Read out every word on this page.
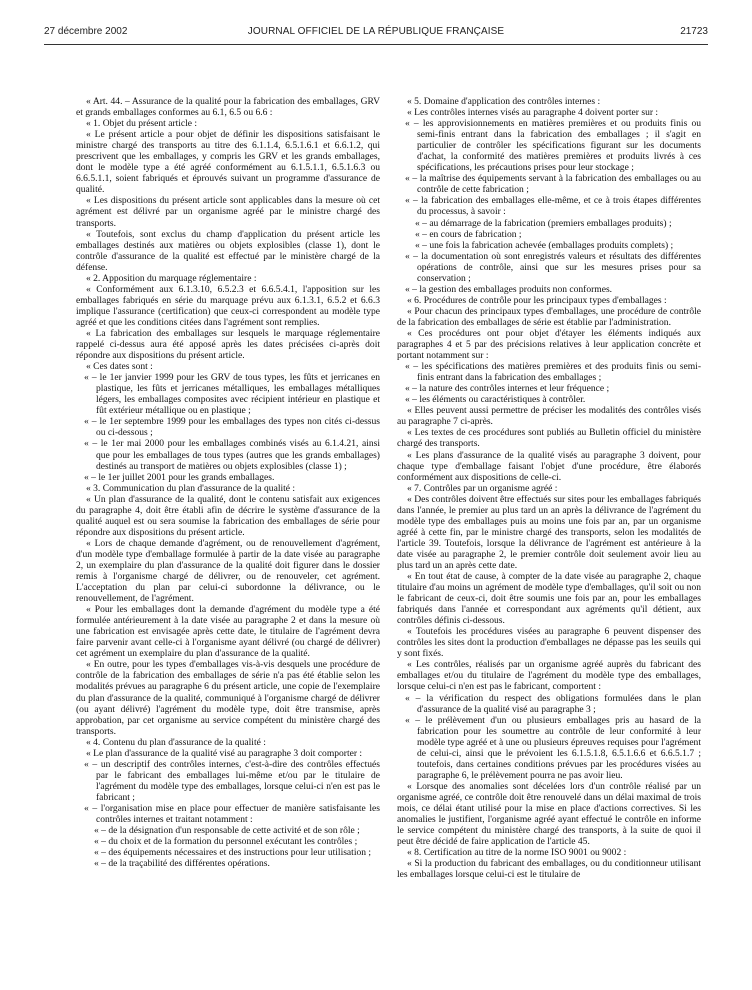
27 décembre 2002	JOURNAL OFFICIEL DE LA RÉPUBLIQUE FRANÇAISE	21723

« Art. 44. – Assurance de la qualité pour la fabrication des emballages, GRV et grands emballages conformes au 6.1, 6.5 ou 6.6 :

« 1. Objet du présent article :

« Le présent article a pour objet de définir les dispositions satisfaisant le ministre chargé des transports au titre des 6.1.1.4, 6.5.1.6.1 et 6.6.1.2, qui prescrivent que les emballages, y compris les GRV et les grands emballages, dont le modèle type a été agréé conformément au 6.1.5.1.1, 6.5.1.6.3 ou 6.6.5.1.1, soient fabriqués et éprouvés suivant un programme d'assurance de qualité.

« Les dispositions du présent article sont applicables dans la mesure où cet agrément est délivré par un organisme agréé par le ministre chargé des transports.

« Toutefois, sont exclus du champ d'application du présent article les emballages destinés aux matières ou objets explosibles (classe 1), dont le contrôle d'assurance de la qualité est effectué par le ministère chargé de la défense.

« 2. Apposition du marquage réglementaire :

« Conformément aux 6.1.3.10, 6.5.2.3 et 6.6.5.4.1, l'apposition sur les emballages fabriqués en série du marquage prévu aux 6.1.3.1, 6.5.2 et 6.6.3 implique l'assurance (certification) que ceux-ci correspondent au modèle type agréé et que les conditions citées dans l'agrément sont remplies.

« La fabrication des emballages sur lesquels le marquage réglementaire rappelé ci-dessus aura été apposé après les dates précisées ci-après doit répondre aux dispositions du présent article.

« Ces dates sont :

« – le 1er janvier 1999 pour les GRV de tous types, les fûts et jerricanes en plastique, les fûts et jerricanes métalliques, les emballages métalliques légers, les emballages composites avec récipient intérieur en plastique et fût extérieur métallique ou en plastique ;

« – le 1er septembre 1999 pour les emballages des types non cités ci-dessus ou ci-dessous ;

« – le 1er mai 2000 pour les emballages combinés visés au 6.1.4.21, ainsi que pour les emballages de tous types (autres que les grands emballages) destinés au transport de matières ou objets explosibles (classe 1) ;

« – le 1er juillet 2001 pour les grands emballages.

« 3. Communication du plan d'assurance de la qualité :

« Un plan d'assurance de la qualité, dont le contenu satisfait aux exigences du paragraphe 4, doit être établi afin de décrire le système d'assurance de la qualité auquel est ou sera soumise la fabrication des emballages de série pour répondre aux dispositions du présent article.

« Lors de chaque demande d'agrément, ou de renouvellement d'agrément, d'un modèle type d'emballage formulée à partir de la date visée au paragraphe 2, un exemplaire du plan d'assurance de la qualité doit figurer dans le dossier remis à l'organisme chargé de délivrer, ou de renouveler, cet agrément. L'acceptation du plan par celui-ci subordonne la délivrance, ou le renouvellement, de l'agrément.

« Pour les emballages dont la demande d'agrément du modèle type a été formulée antérieurement à la date visée au paragraphe 2 et dans la mesure où une fabrication est envisagée après cette date, le titulaire de l'agrément devra faire parvenir avant celle-ci à l'organisme ayant délivré (ou chargé de délivrer) cet agrément un exemplaire du plan d'assurance de la qualité.

« En outre, pour les types d'emballages vis-à-vis desquels une procédure de contrôle de la fabrication des emballages de série n'a pas été établie selon les modalités prévues au paragraphe 6 du présent article, une copie de l'exemplaire du plan d'assurance de la qualité, communiqué à l'organisme chargé de délivrer (ou ayant délivré) l'agrément du modèle type, doit être transmise, après approbation, par cet organisme au service compétent du ministère chargé des transports.

« 4. Contenu du plan d'assurance de la qualité :

« Le plan d'assurance de la qualité visé au paragraphe 3 doit comporter :

« – un descriptif des contrôles internes, c'est-à-dire des contrôles effectués par le fabricant des emballages lui-même et/ou par le titulaire de l'agrément du modèle type des emballages, lorsque celui-ci n'en est pas le fabricant ;

« – l'organisation mise en place pour effectuer de manière satisfaisante les contrôles internes et traitant notamment :

« – de la désignation d'un responsable de cette activité et de son rôle ;

« – du choix et de la formation du personnel exécutant les contrôles ;

« – des équipements nécessaires et des instructions pour leur utilisation ;

« – de la traçabilité des différentes opérations.

« 5. Domaine d'application des contrôles internes :

« Les contrôles internes visés au paragraphe 4 doivent porter sur :

« – les approvisionnements en matières premières et ou produits finis ou semi-finis entrant dans la fabrication des emballages ; il s'agit en particulier de contrôler les spécifications figurant sur les documents d'achat, la conformité des matières premières et produits livrés à ces spécifications, les précautions prises pour leur stockage ;

« – la maîtrise des équipements servant à la fabrication des emballages ou au contrôle de cette fabrication ;

« – la fabrication des emballages elle-même, et ce à trois étapes différentes du processus, à savoir :

« – au démarrage de la fabrication (premiers emballages produits) ;

« – en cours de fabrication ;

« – une fois la fabrication achevée (emballages produits complets) ;

« – la documentation où sont enregistrés valeurs et résultats des différentes opérations de contrôle, ainsi que sur les mesures prises pour sa conservation ;

« – la gestion des emballages produits non conformes.

« 6. Procédures de contrôle pour les principaux types d'emballages :

« Pour chacun des principaux types d'emballages, une procédure de contrôle de la fabrication des emballages de série est établie par l'administration.

« Ces procédures ont pour objet d'étayer les éléments indiqués aux paragraphes 4 et 5 par des précisions relatives à leur application concrète et portant notamment sur :

« – les spécifications des matières premières et des produits finis ou semi-finis entrant dans la fabrication des emballages ;

« – la nature des contrôles internes et leur fréquence ;

« – les éléments ou caractéristiques à contrôler.

« Elles peuvent aussi permettre de préciser les modalités des contrôles visés au paragraphe 7 ci-après.

« Les textes de ces procédures sont publiés au Bulletin officiel du ministère chargé des transports.

« Les plans d'assurance de la qualité visés au paragraphe 3 doivent, pour chaque type d'emballage faisant l'objet d'une procédure, être élaborés conformément aux dispositions de celle-ci.

« 7. Contrôles par un organisme agréé :

« Des contrôles doivent être effectués sur sites pour les emballages fabriqués dans l'année, le premier au plus tard un an après la délivrance de l'agrément du modèle type des emballages puis au moins une fois par an, par un organisme agréé à cette fin, par le ministre chargé des transports, selon les modalités de l'article 39. Toutefois, lorsque la délivrance de l'agrément est antérieure à la date visée au paragraphe 2, le premier contrôle doit seulement avoir lieu au plus tard un an après cette date.

« En tout état de cause, à compter de la date visée au paragraphe 2, chaque titulaire d'au moins un agrément de modèle type d'emballages, qu'il soit ou non le fabricant de ceux-ci, doit être soumis une fois par an, pour les emballages fabriqués dans l'année et correspondant aux agréments qu'il détient, aux contrôles définis ci-dessous.

« Toutefois les procédures visées au paragraphe 6 peuvent dispenser des contrôles les sites dont la production d'emballages ne dépasse pas les seuils qui y sont fixés.

« Les contrôles, réalisés par un organisme agréé auprès du fabricant des emballages et/ou du titulaire de l'agrément du modèle type des emballages, lorsque celui-ci n'en est pas le fabricant, comportent :

« – la vérification du respect des obligations formulées dans le plan d'assurance de la qualité visé au paragraphe 3 ;

« – le prélèvement d'un ou plusieurs emballages pris au hasard de la fabrication pour les soumettre au contrôle de leur conformité à leur modèle type agréé et à une ou plusieurs épreuves requises pour l'agrément de celui-ci, ainsi que le prévoient les 6.1.5.1.8, 6.5.1.6.6 et 6.6.5.1.7 ; toutefois, dans certaines conditions prévues par les procédures visées au paragraphe 6, le prélèvement pourra ne pas avoir lieu.

« Lorsque des anomalies sont décelées lors d'un contrôle réalisé par un organisme agréé, ce contrôle doit être renouvelé dans un délai maximal de trois mois, ce délai étant utilisé pour la mise en place d'actions correctives. Si les anomalies le justifient, l'organisme agréé ayant effectué le contrôle en informe le service compétent du ministère chargé des transports, à la suite de quoi il peut être décidé de faire application de l'article 45.

« 8. Certification au titre de la norme ISO 9001 ou 9002 :

« Si la production du fabricant des emballages, ou du conditionneur utilisant les emballages lorsque celui-ci est le titulaire de
